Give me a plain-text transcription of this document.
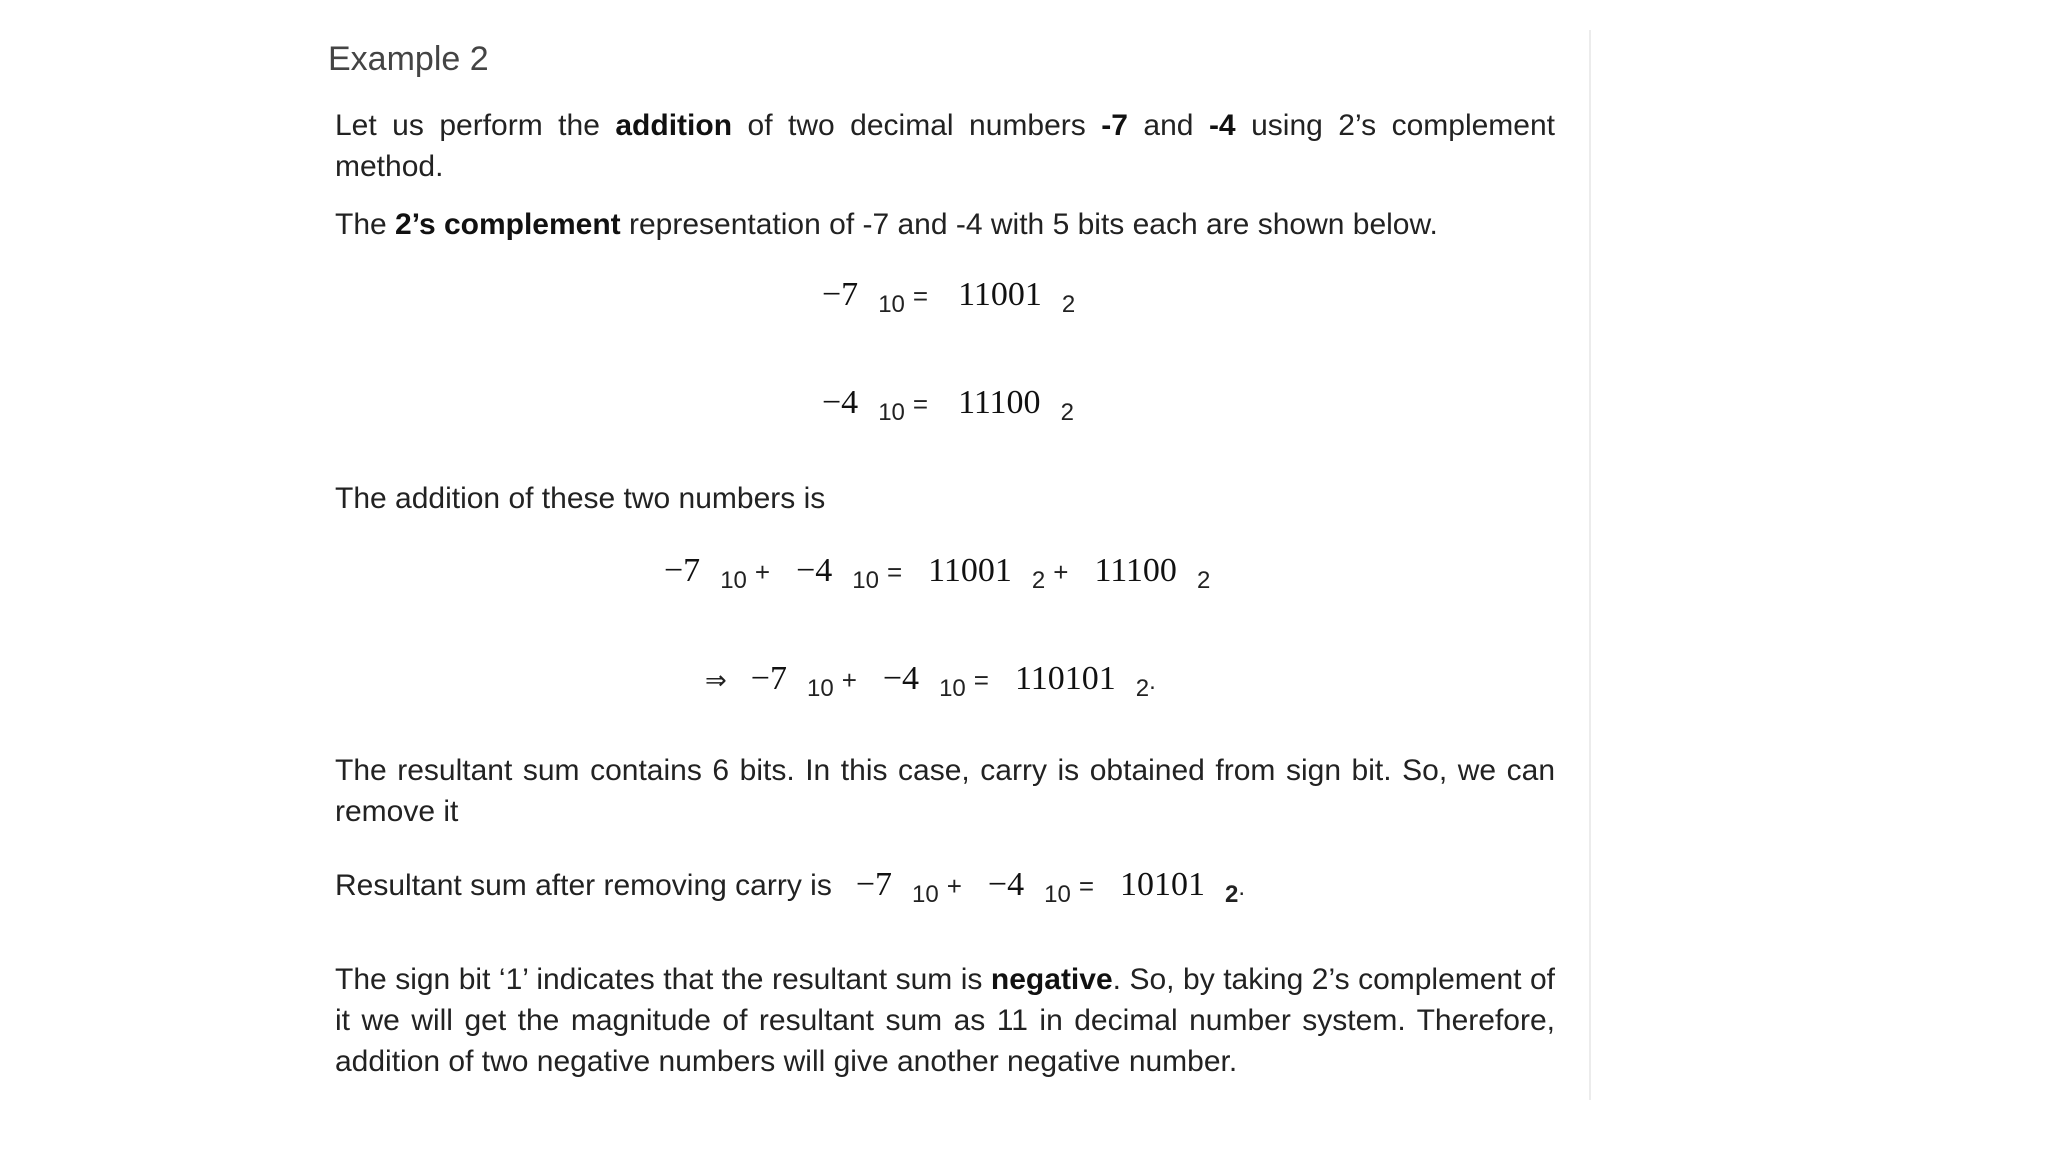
Example 2
Let us perform the addition of two decimal numbers -7 and -4 using 2’s complement method.
The 2’s complement representation of -7 and -4 with 5 bits each are shown below.
−7 10 = 11001 2
−4 10 = 11100 2
The addition of these two numbers is
−7 10 + −4 10 = 11001 2 + 11100 2
⇒ −7 10 + −4 10 = 110101 2.
The resultant sum contains 6 bits. In this case, carry is obtained from sign bit. So, we can remove it
Resultant sum after removing carry is −7 $_{10}$ + −4 $_{10}$ = 10101 $_2$.
The sign bit ‘1’ indicates that the resultant sum is negative. So, by taking 2’s complement of it we will get the magnitude of resultant sum as 11 in decimal number system. Therefore, addition of two negative numbers will give another negative number.
